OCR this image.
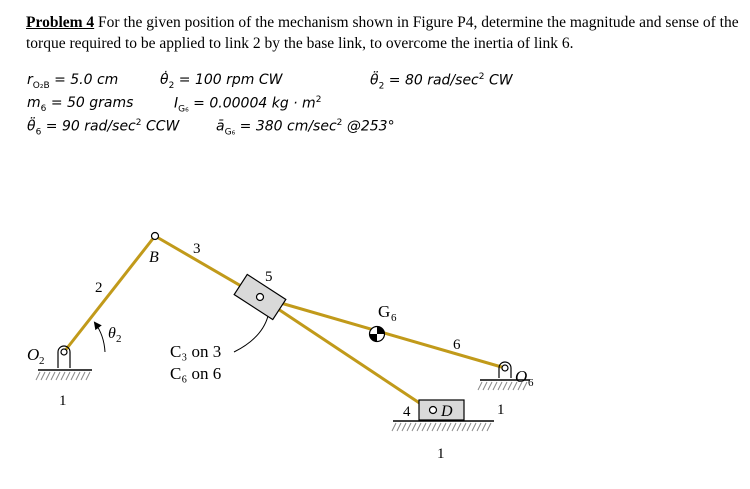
Problem 4 For the given position of the mechanism shown in Figure P4, determine the magnitude and sense of the torque required to be applied to link 2 by the base link, to overcome the inertia of link 6.

$r_{O_2B} = 5.0$ cm	$\thetȧ_2 = 100$ rpm CW	$\thetä_2 = 80$ rad/$\sec^2$ CW
$m_6 = 50$ grams	$I_{G_6} = 0.00004$ kg · $m^2$
$\thetä_6 = 90$ rad/$\sec^2$ CCW	$ā_{G_6} = 380$ $cm/\sec^2$ @253°
O 2
O 6
B
D
G 6
θ 2
1
1
1
2
3
4
5
6
C₃ on 3
C₆ on 6
